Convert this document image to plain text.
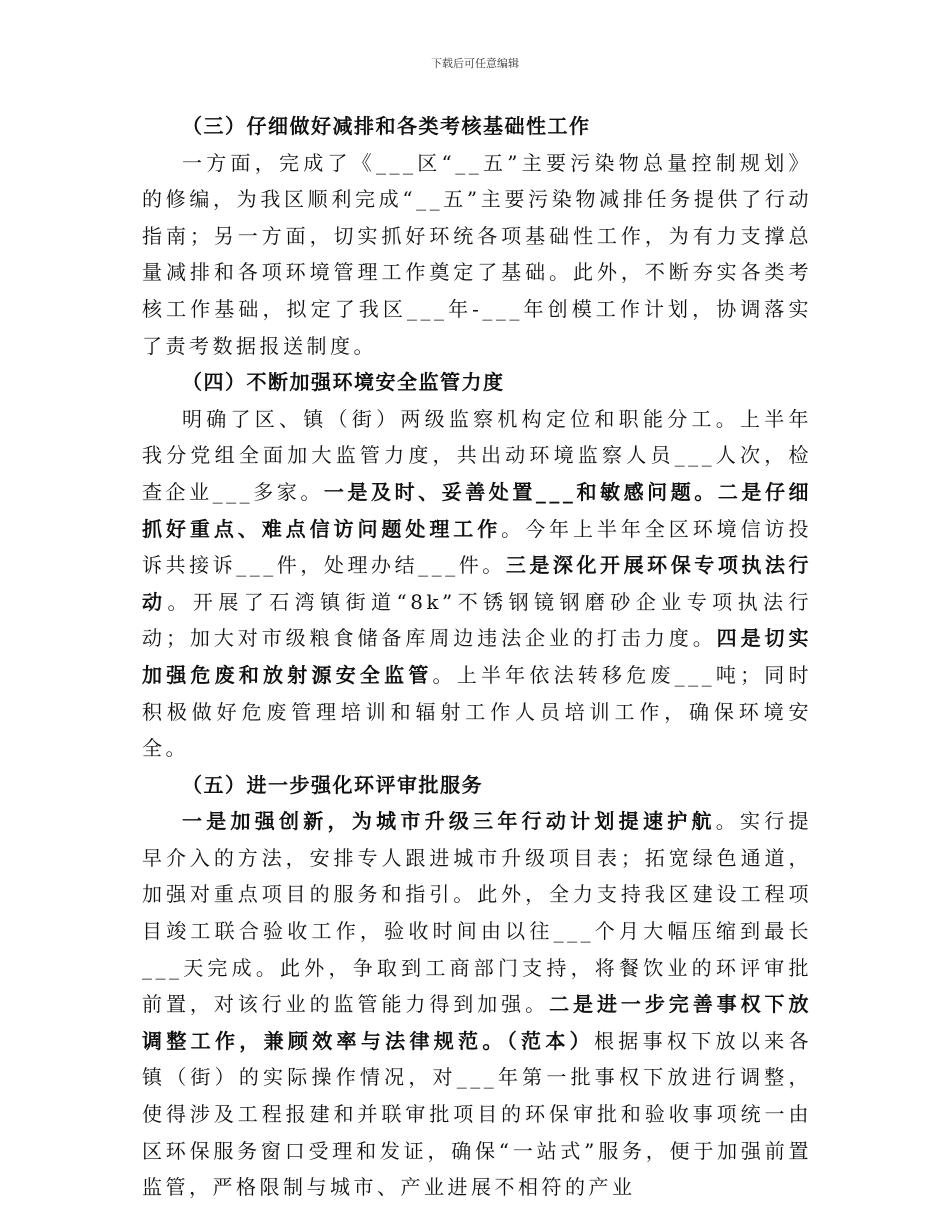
下载后可任意编辑
（三）仔细做好减排和各类考核基础性工作

一方面，完成了《___区“__五”主要污染物总量控制规划》的修编，为我区顺利完成“__五”主要污染物减排任务提供了行动指南；另一方面，切实抓好环统各项基础性工作，为有力支撑总量减排和各项环境管理工作奠定了基础。此外，不断夯实各类考核工作基础，拟定了我区___年-___年创模工作计划，协调落实了责考数据报送制度。

（四）不断加强环境安全监管力度

明确了区、镇（街）两级监察机构定位和职能分工。上半年我分党组全面加大监管力度，共出动环境监察人员___人次，检查企业___多家。一是及时、妥善处置___和敏感问题。二是仔细抓好重点、难点信访问题处理工作。今年上半年全区环境信访投诉共接诉___件，处理办结___件。三是深化开展环保专项执法行动。开展了石湾镇街道“8k”不锈钢镜钢磨砂企业专项执法行动；加大对市级粮食储备库周边违法企业的打击力度。四是切实加强危废和放射源安全监管。上半年依法转移危废___吨；同时积极做好危废管理培训和辐射工作人员培训工作，确保环境安全。

（五）进一步强化环评审批服务

一是加强创新，为城市升级三年行动计划提速护航。实行提早介入的方法，安排专人跟进城市升级项目表；拓宽绿色通道，加强对重点项目的服务和指引。此外，全力支持我区建设工程项目竣工联合验收工作，验收时间由以往___个月大幅压缩到最长___天完成。此外，争取到工商部门支持，将餐饮业的环评审批前置，对该行业的监管能力得到加强。二是进一步完善事权下放调整工作，兼顾效率与法律规范。（范本）根据事权下放以来各镇（街）的实际操作情况，对___年第一批事权下放进行调整，使得涉及工程报建和并联审批项目的环保审批和验收事项统一由区环保服务窗口受理和发证，确保“一站式”服务，便于加强前置监管，严格限制与城市、产业进展不相符的产业
